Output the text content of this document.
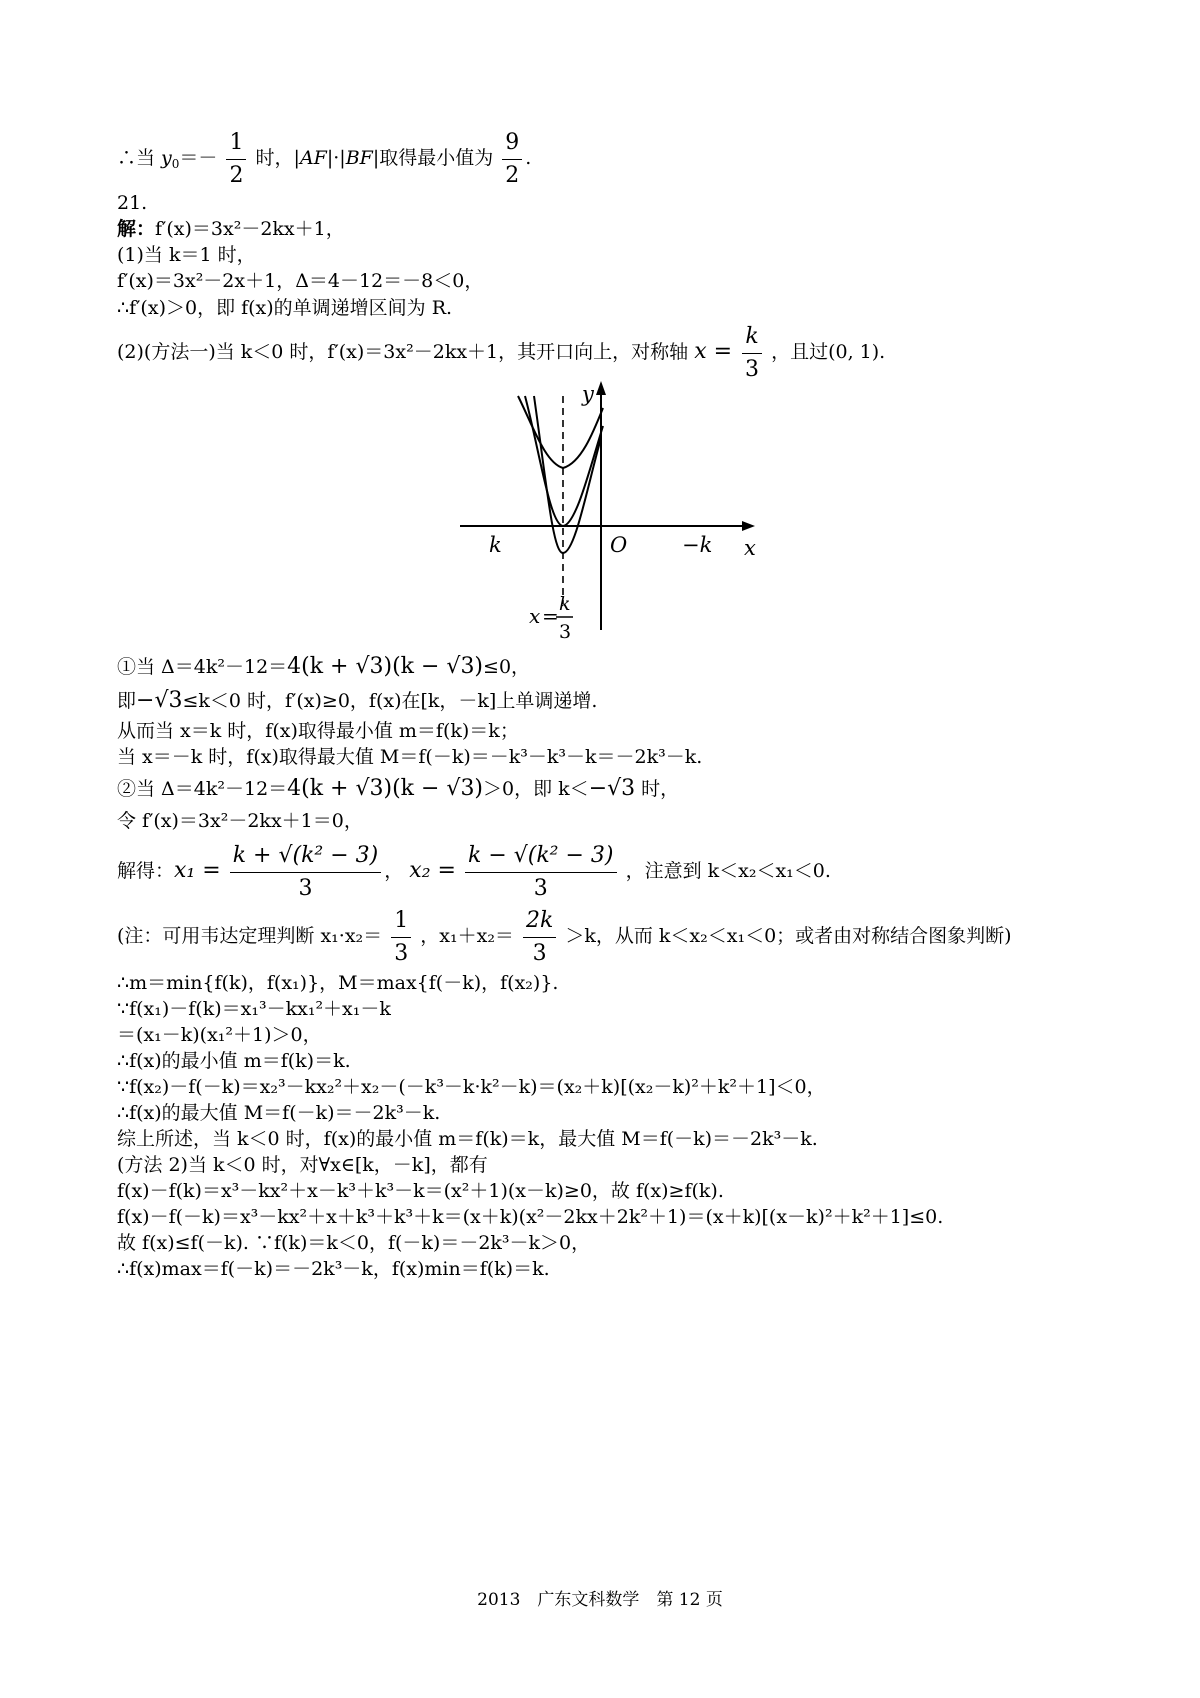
∴当 $y_0=- \frac{1}{2}$ 时，|AF|·|BF|取得最小值为 $\frac{9}{2}$ .
21.
解：f′(x)＝3x²－2kx＋1，
(1)当 k＝1 时，
f′(x)＝3x²－2x＋1，Δ＝4－12＝－8＜0，
∴f′(x)＞0，即 f(x)的单调递增区间为 R.
(2)(方法一)当 k＜0 时，f′(x)＝3x²－2kx＋1，其开口向上，对称轴 $x = \frac{k}{3}$ ，且过(0, 1).
y
x
k	O	−k
x = k
3
①当 Δ＝4k²－12＝4(k + √3)(k − √3)≤0，
即−√3≤k＜0 时，f′(x)≥0，f(x)在[k，－k]上单调递增.
从而当 x＝k 时，f(x)取得最小值 m＝f(k)＝k；
当 x＝－k 时，f(x)取得最大值 M＝f(－k)＝－k³－k³－k＝－2k³－k.
②当 Δ＝4k²－12＝4(k + √3)(k − √3)＞0，即 k＜−√3 时，
令 f′(x)＝3x²－2kx＋1＝0，
解得：$x_1 = \frac{\text{k + √(k² − 3)}}{3}$ ， $x_2 = \frac{\text{k − √(k² − 3)}}{3}$ ，注意到 k＜x₂＜x₁＜0.
(注：可用韦达定理判断 $x_1\cdot x_2= \frac{1}{3}$ ，$x_1+x_2= \frac{2k}{3} >k$，从而 k＜x₂＜x₁＜0；或者由对称结合图象判断)
∴m＝min{f(k)，f(x₁)}，M＝max{f(－k)，f(x₂)}.
∵f(x₁)－f(k)＝x₁³－kx₁²＋x₁－k
＝(x₁－k)(x₁²＋1)＞0，
∴f(x)的最小值 m＝f(k)＝k.
∵f(x₂)－f(－k)＝x₂³－kx₂²＋x₂－(－k³－k·k²－k)＝(x₂＋k)[(x₂－k)²＋k²＋1]＜0，
∴f(x)的最大值 M＝f(－k)＝－2k³－k.
综上所述，当 k＜0 时，f(x)的最小值 m＝f(k)＝k，最大值 M＝f(－k)＝－2k³－k.
(方法 2)当 k＜0 时，对∀x∈[k，－k]，都有
f(x)－f(k)＝x³－kx²＋x－k³＋k³－k＝(x²＋1)(x－k)≥0，故 f(x)≥f(k).
f(x)－f(－k)＝x³－kx²＋x＋k³＋k³＋k＝(x＋k)(x²－2kx＋2k²＋1)＝(x＋k)[(x－k)²＋k²＋1]≤0.
故 f(x)≤f(－k). ∵f(k)＝k＜0，f(－k)＝－2k³－k＞0，
∴f(x)max＝f(－k)＝－2k³－k，f(x)min＝f(k)＝k.
2013　广东文科数学　第 12 页
